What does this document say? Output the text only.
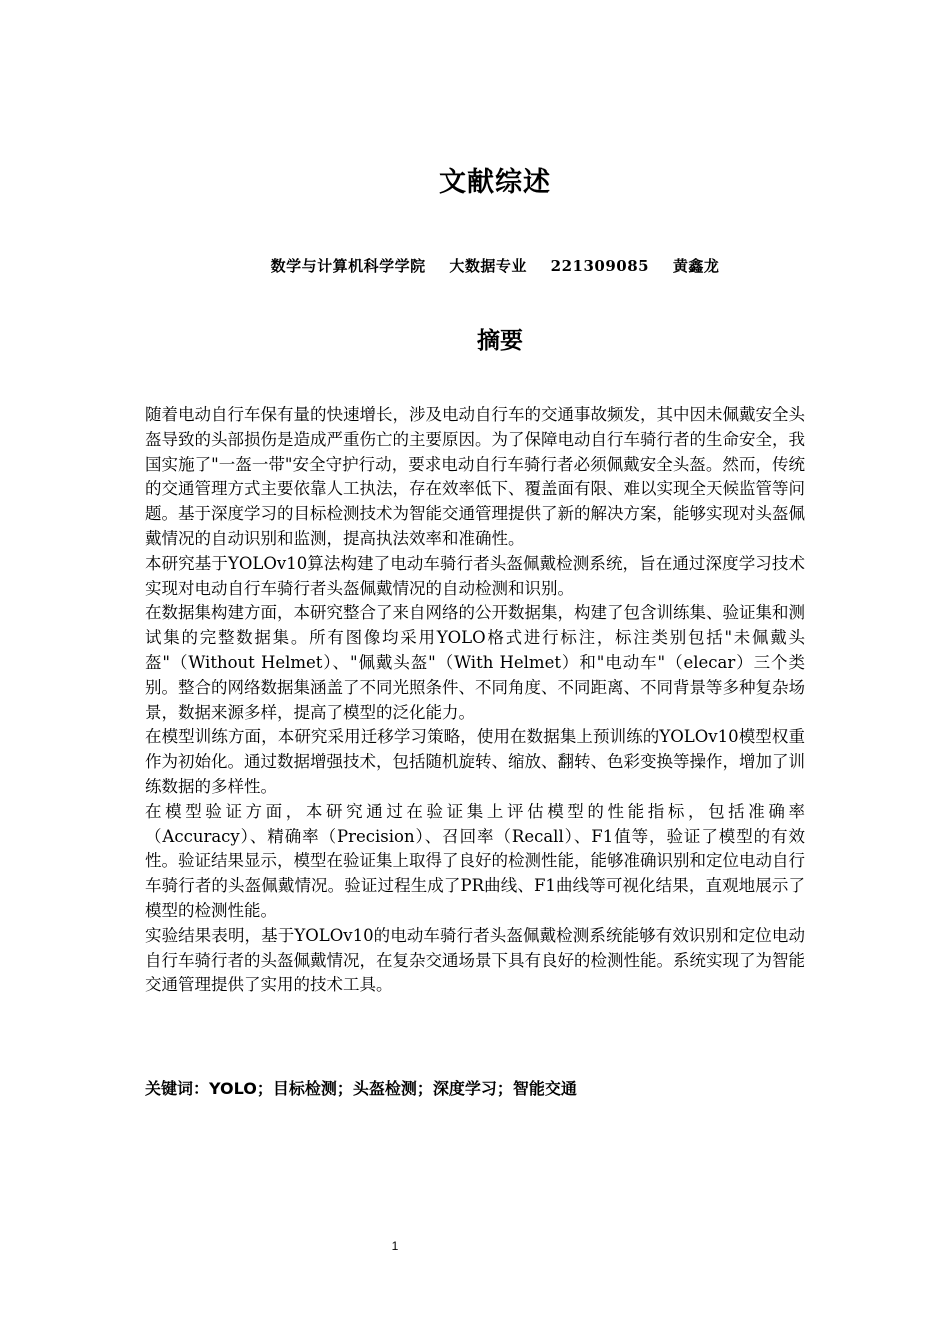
文献综述
数学与计算机科学学院 大数据专业 221309085 黄鑫龙
摘要

随着电动自行车保有量的快速增长，涉及电动自行车的交通事故频发，其中因未佩戴安全头盔导致的头部损伤是造成严重伤亡的主要原因。为了保障电动自行车骑行者的生命安全，我国实施了"一盔一带"安全守护行动，要求电动自行车骑行者必须佩戴安全头盔。然而，传统的交通管理方式主要依靠人工执法，存在效率低下、覆盖面有限、难以实现全天候监管等问题。基于深度学习的目标检测技术为智能交通管理提供了新的解决方案，能够实现对头盔佩戴情况的自动识别和监测，提高执法效率和准确性。

本研究基于YOLOv10算法构建了电动车骑行者头盔佩戴检测系统，旨在通过深度学习技术实现对电动自行车骑行者头盔佩戴情况的自动检测和识别。

在数据集构建方面，本研究整合了来自网络的公开数据集，构建了包含训练集、验证集和测试集的完整数据集。所有图像均采用YOLO格式进行标注，标注类别包括"未佩戴头盔"（Without Helmet）、"佩戴头盔"（With Helmet）和"电动车"（elecar）三个类别。整合的网络数据集涵盖了不同光照条件、不同角度、不同距离、不同背景等多种复杂场景，数据来源多样，提高了模型的泛化能力。

在模型训练方面，本研究采用迁移学习策略，使用在数据集上预训练的YOLOv10模型权重作为初始化。通过数据增强技术，包括随机旋转、缩放、翻转、色彩变换等操作，增加了训练数据的多样性。

在模型验证方面，本研究通过在验证集上评估模型的性能指标，包括准确率（Accuracy）、精确率（Precision）、召回率（Recall）、F1值等，验证了模型的有效性。验证结果显示，模型在验证集上取得了良好的检测性能，能够准确识别和定位电动自行车骑行者的头盔佩戴情况。验证过程生成了PR曲线、F1曲线等可视化结果，直观地展示了模型的检测性能。

实验结果表明，基于YOLOv10的电动车骑行者头盔佩戴检测系统能够有效识别和定位电动自行车骑行者的头盔佩戴情况，在复杂交通场景下具有良好的检测性能。系统实现了为智能交通管理提供了实用的技术工具。

关键词：YOLO；目标检测；头盔检测；深度学习；智能交通
1
